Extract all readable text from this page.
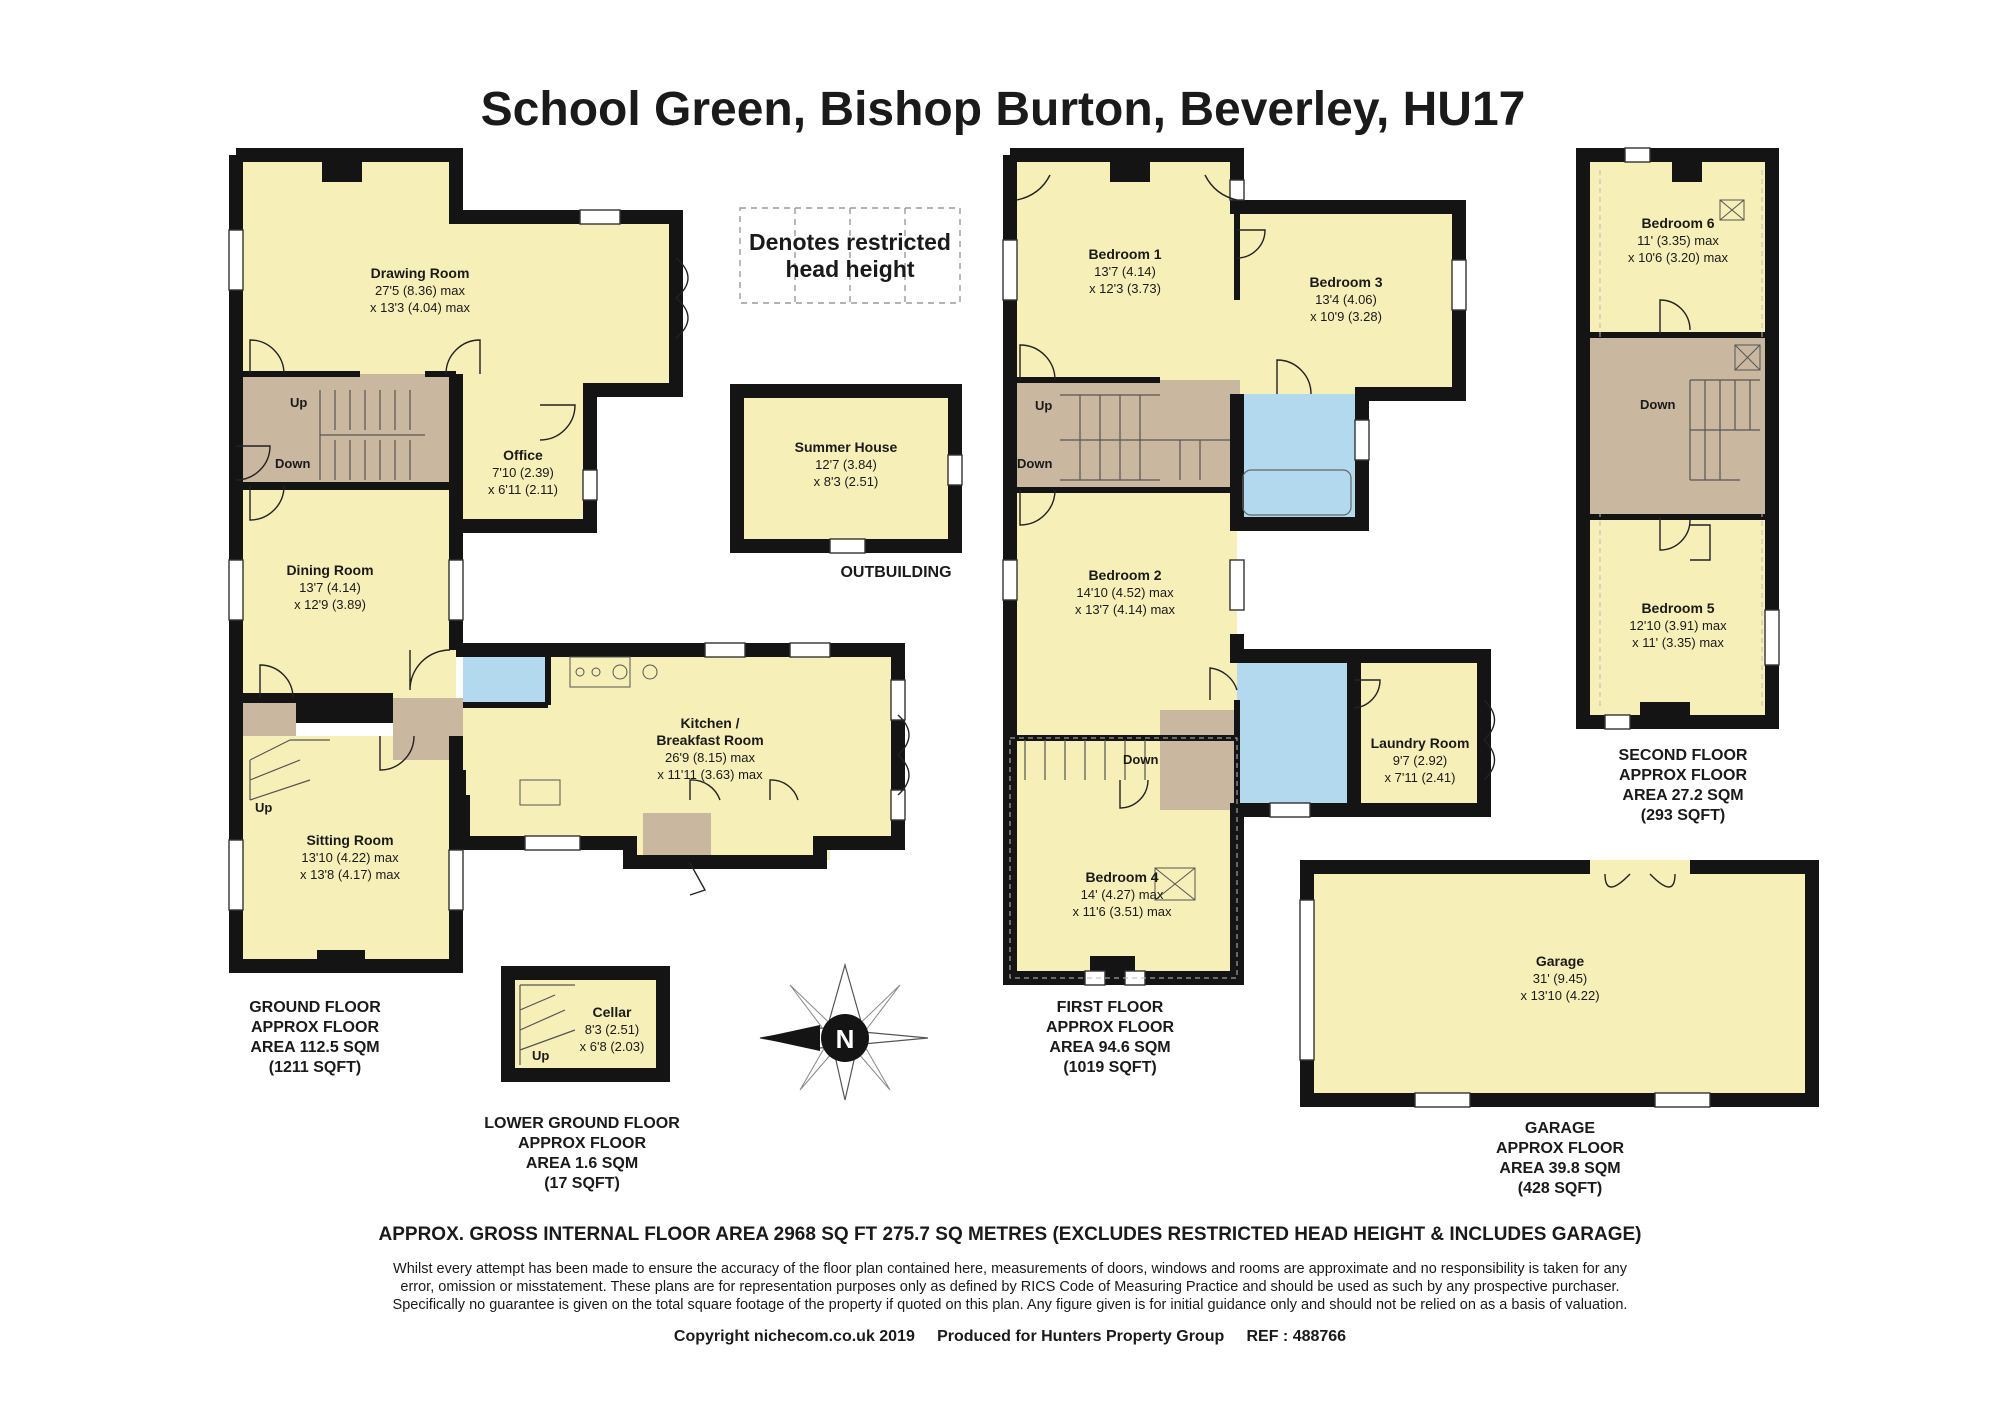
School Green, Bishop Burton, Beverley, HU17
Denotes restricted
head height
Drawing Room
27'5 (8.36) max
x 13'3 (4.04) max
Office
7'10 (2.39)
x 6'11 (2.11)
Dining Room
13'7 (4.14)
x 12'9 (3.89)
Sitting Room
13'10 (4.22) max
x 13'8 (4.17) max
Kitchen /
Breakfast Room
26'9 (8.15) max
x 11'11 (3.63) max
Up
Down
Up
GROUND FLOOR
APPROX FLOOR
AREA 112.5 SQM
(1211 SQFT)
Summer House
12'7 (3.84)
x 8'3 (2.51)
OUTBUILDING
Cellar
8'3 (2.51)
x 6'8 (2.03)
Up
LOWER GROUND FLOOR
APPROX FLOOR
AREA 1.6 SQM
(17 SQFT)
N
Bedroom 1
13'7 (4.14)
x 12'3 (3.73)	Bedroom 3
13'4 (4.06)
x 10'9 (3.28)
Bedroom 2
14'10 (4.52) max
x 13'7 (4.14) max
Bedroom 4
14' (4.27) max
x 11'6 (3.51) max
Laundry Room
9'7 (2.92)
x 7'11 (2.41)
Up
Down
Down
FIRST FLOOR
APPROX FLOOR
AREA 94.6 SQM
(1019 SQFT)
Bedroom 6
11' (3.35) max
x 10'6 (3.20) max
Down
Bedroom 5
12'10 (3.91) max
x 11' (3.35) max
SECOND FLOOR
APPROX FLOOR
AREA 27.2 SQM
(293 SQFT)
Garage
31' (9.45)
x 13'10 (4.22)
GARAGE
APPROX FLOOR
AREA 39.8 SQM
(428 SQFT)
APPROX. GROSS INTERNAL FLOOR AREA 2968 SQ FT 275.7 SQ METRES (EXCLUDES RESTRICTED HEAD HEIGHT & INCLUDES GARAGE)
Whilst every attempt has been made to ensure the accuracy of the floor plan contained here, measurements of doors, windows and rooms are approximate and no responsibility is taken for any
error, omission or misstatement. These plans are for representation purposes only as defined by RICS Code of Measuring Practice and should be used as such by any prospective purchaser.
Specifically no guarantee is given on the total square footage of the property if quoted on this plan. Any figure given is for initial guidance only and should not be relied on as a basis of valuation.
Copyright nichecom.co.uk 2019     Produced for Hunters Property Group     REF : 488766
